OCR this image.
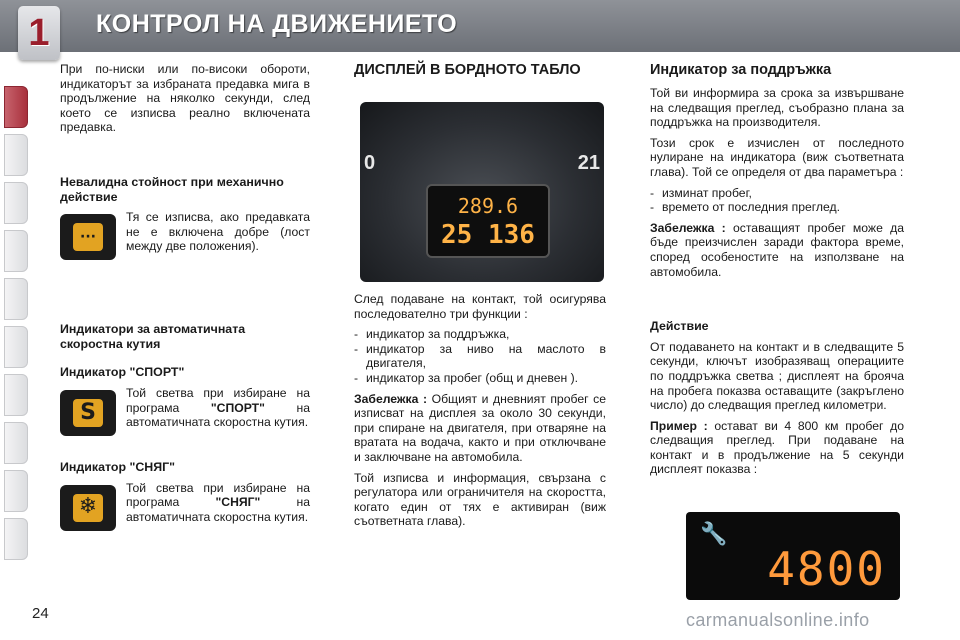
1	КОНТРОЛ НА ДВИЖЕНИЕТО

При по-ниски или по-високи обороти, индикаторът за избраната предавка мига в продължение на няколко секунди, след което се изписва реално включената предавка.

Невалидна стойност при механично действие
···

Тя се изписва, ако предавката не е включена добре (лост между две положения).

Индикатори за автоматичната скоростна кутия
Индикатор "СПОРТ"
S

Той светва при избиране на програма "СПОРТ" на автоматичната скоростна кутия.

Индикатор "СНЯГ"
❄

Той светва при избиране на програма "СНЯГ" на автоматичната скоростна кутия.

ДИСПЛЕЙ В БОРДНОТО ТАБЛО

След подаване на контакт, той осигурява последователно три функции :

- индикатор за поддръжка,
- индикатор за ниво на маслото в двигателя,
- индикатор за пробег (общ и дневен ).

Забележка : Общият и дневният пробег се изписват на дисплея за около 30 секунди, при спиране на двигателя, при отваряне на вратата на водача, както и при отключване и заключване на автомобила.

Той изписва и информация, свързана с регулатора или ограничителя на скоростта, когато един от тях е активиран (виж съответната глава).

0	21
289.6
25 136
Индикатор за поддръжка

Той ви информира за срока за извършване на следващия преглед, съобразно плана за поддръжка на производителя.

Този срок е изчислен от последното нулиране на индикатора (виж съответната глава). Той се определя от два параметъра :

- изминат пробег,
- времето от последния преглед.

Забележка : оставащият пробег може да бъде преизчислен заради фактора време, според особеностите на използване на автомобила.

Действие

От подаването на контакт и в следващите 5 секунди, ключът изобразяващ операциите по поддръжка светва ; дисплеят на брояча на пробега показва оставащите (закръглено число) до следващия преглед километри.

Пример : остават ви 4 800 км пробег до следващия преглед. При подаване на контакт и в продължение на 5 секунди дисплеят показва :

🔧
4800
24	carmanualsonline.info
